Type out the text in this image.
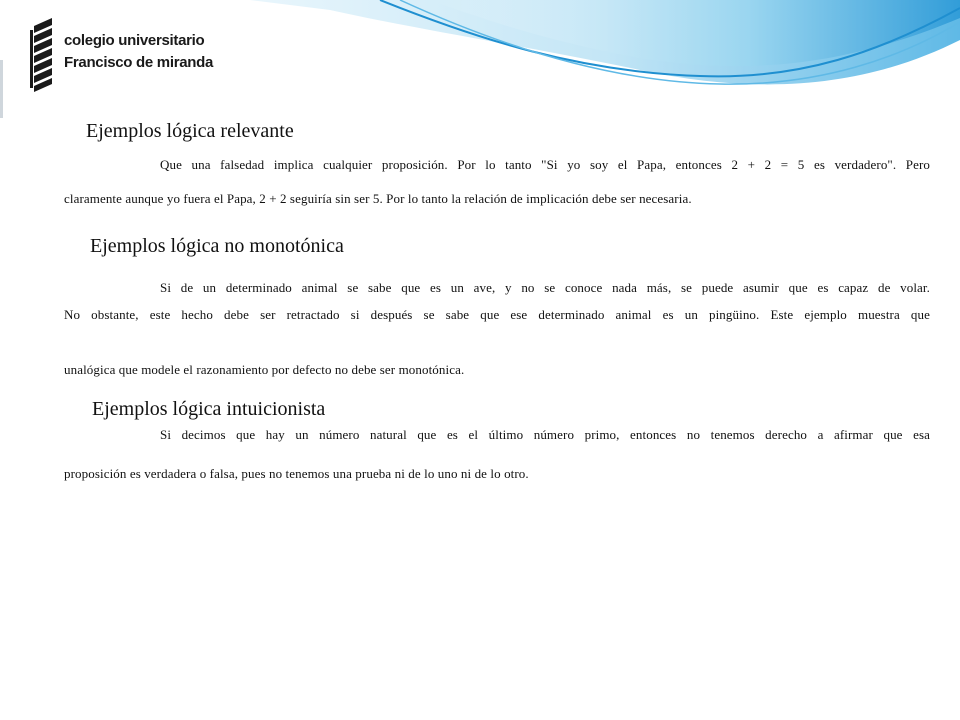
colegio universitario
Francisco de miranda
Ejemplos lógica relevante
Que una falsedad implica cualquier proposición. Por lo tanto "Si yo soy el Papa, entonces 2 + 2 = 5 es verdadero". Pero
claramente aunque yo fuera el Papa, 2 + 2 seguiría sin ser 5. Por lo tanto la relación de implicación debe ser necesaria.
Ejemplos lógica no monotónica
Si de un determinado animal se sabe que es un ave, y no se conoce nada más, se puede asumir que es capaz de volar.
No obstante, este hecho debe ser retractado si después se sabe que ese determinado animal es un pingüino. Este ejemplo muestra que
unalógica que modele el razonamiento por defecto no debe ser monotónica.
Ejemplos lógica intuicionista
Si decimos que hay un número natural que es el último número primo, entonces no tenemos derecho a afirmar que esa
proposición es verdadera o falsa, pues no tenemos una prueba ni de lo uno ni de lo otro.
